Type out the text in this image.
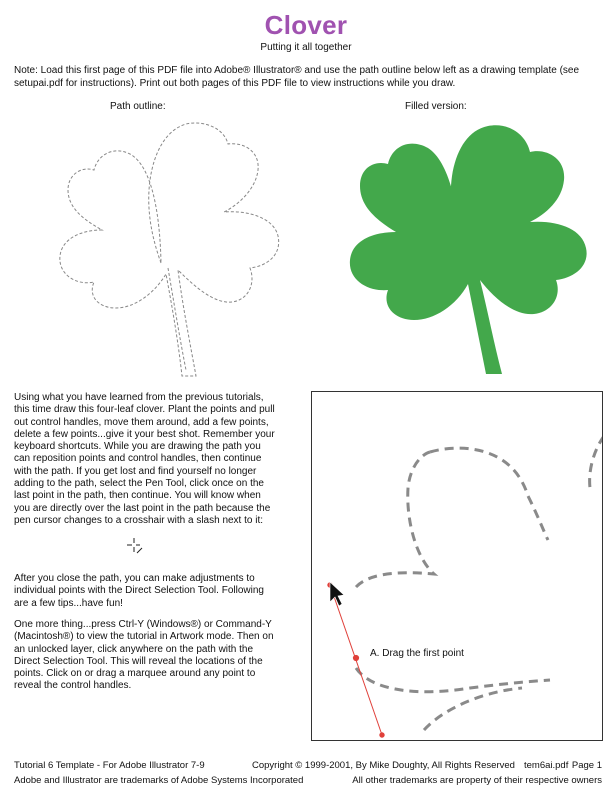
Clover
Putting it all together
Note: Load this first page of this PDF file into Adobe® Illustrator® and use the path outline below left as a drawing template (see setupai.pdf for instructions). Print out both pages of this PDF file to view instructions while you draw.
Path outline:	Filled version:
Using what you have learned from the previous tutorials, this time draw this four-leaf clover. Plant the points and pull out control handles, move them around, add a few points, delete a few points...give it your best shot. Remember your keyboard shortcuts. While you are drawing the path you can reposition points and control handles, then continue with the path. If you get lost and find yourself no longer adding to the path, select the Pen Tool, click once on the last point in the path, then continue. You will know when you are directly over the last point in the path because the pen cursor changes to a crosshair with a slash next to it:
After you close the path, you can make adjustments to individual points with the Direct Selection Tool. Following are a few tips...have fun!
One more thing...press Ctrl-Y (Windows®) or Command-Y (Macintosh®) to view the tutorial in Artwork mode. Then on an unlocked layer, click anywhere on the path with the Direct Selection Tool. This will reveal the locations of the points. Click on or drag a marquee around any point to reveal the control handles.
A. Drag the first point
Tutorial 6 Template - For Adobe Illustrator 7-9	Copyright © 1999-2001, By Mike Doughty, All Rights Reserved tem6ai.pdf Page 1
Adobe and Illustrator are trademarks of Adobe Systems Incorporated	All other trademarks are property of their respective owners
